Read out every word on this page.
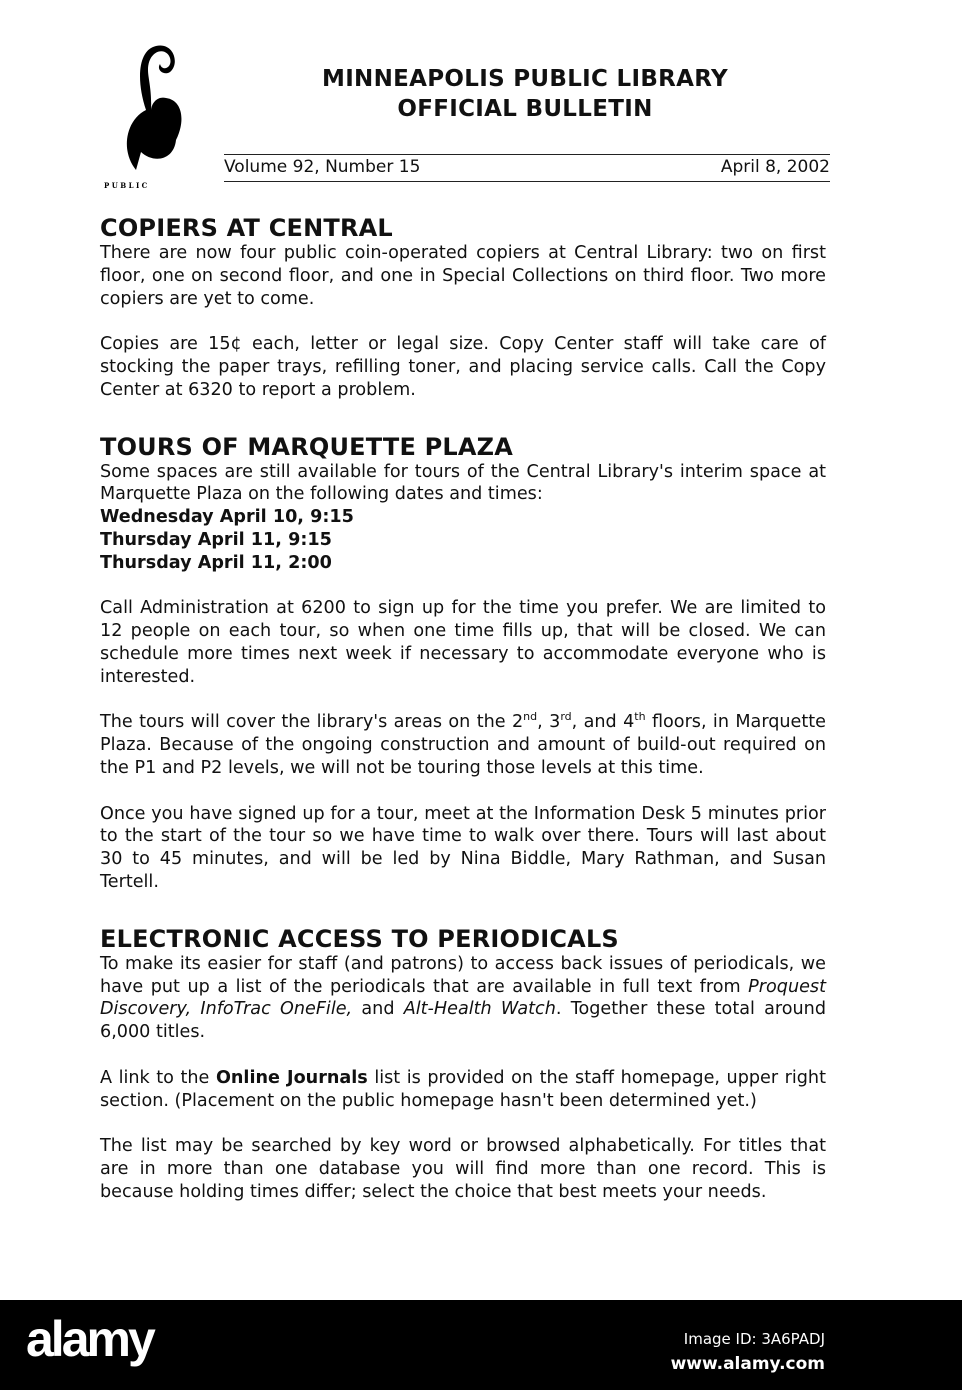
P U B L I C
MINNEAPOLIS PUBLIC LIBRARY
OFFICIAL BULLETIN
Volume 92, Number 15	April 8, 2002
COPIERS AT CENTRAL

There are now four public coin-operated copiers at Central Library: two on first floor, one on second floor, and one in Special Collections on third floor. Two more copiers are yet to come.

Copies are 15¢ each, letter or legal size. Copy Center staff will take care of stocking the paper trays, refilling toner, and placing service calls. Call the Copy Center at 6320 to report a problem.

TOURS OF MARQUETTE PLAZA

Some spaces are still available for tours of the Central Library's interim space at Marquette Plaza on the following dates and times:

Wednesday April 10, 9:15
Thursday April 11, 9:15
Thursday April 11, 2:00

Call Administration at 6200 to sign up for the time you prefer. We are limited to 12 people on each tour, so when one time fills up, that will be closed. We can schedule more times next week if necessary to accommodate everyone who is interested.

The tours will cover the library's areas on the 2nd, 3rd, and 4th floors, in Marquette Plaza. Because of the ongoing construction and amount of build-out required on the P1 and P2 levels, we will not be touring those levels at this time.

Once you have signed up for a tour, meet at the Information Desk 5 minutes prior to the start of the tour so we have time to walk over there. Tours will last about 30 to 45 minutes, and will be led by Nina Biddle, Mary Rathman, and Susan Tertell.

ELECTRONIC ACCESS TO PERIODICALS

To make its easier for staff (and patrons) to access back issues of periodicals, we have put up a list of the periodicals that are available in full text from Proquest Discovery, InfoTrac OneFile, and Alt-Health Watch. Together these total around 6,000 titles.

A link to the Online Journals list is provided on the staff homepage, upper right section. (Placement on the public homepage hasn't been determined yet.)

The list may be searched by key word or browsed alphabetically. For titles that are in more than one database you will find more than one record. This is because holding times differ; select the choice that best meets your needs.

alamy	Image ID: 3A6PADJ
www.alamy.com
